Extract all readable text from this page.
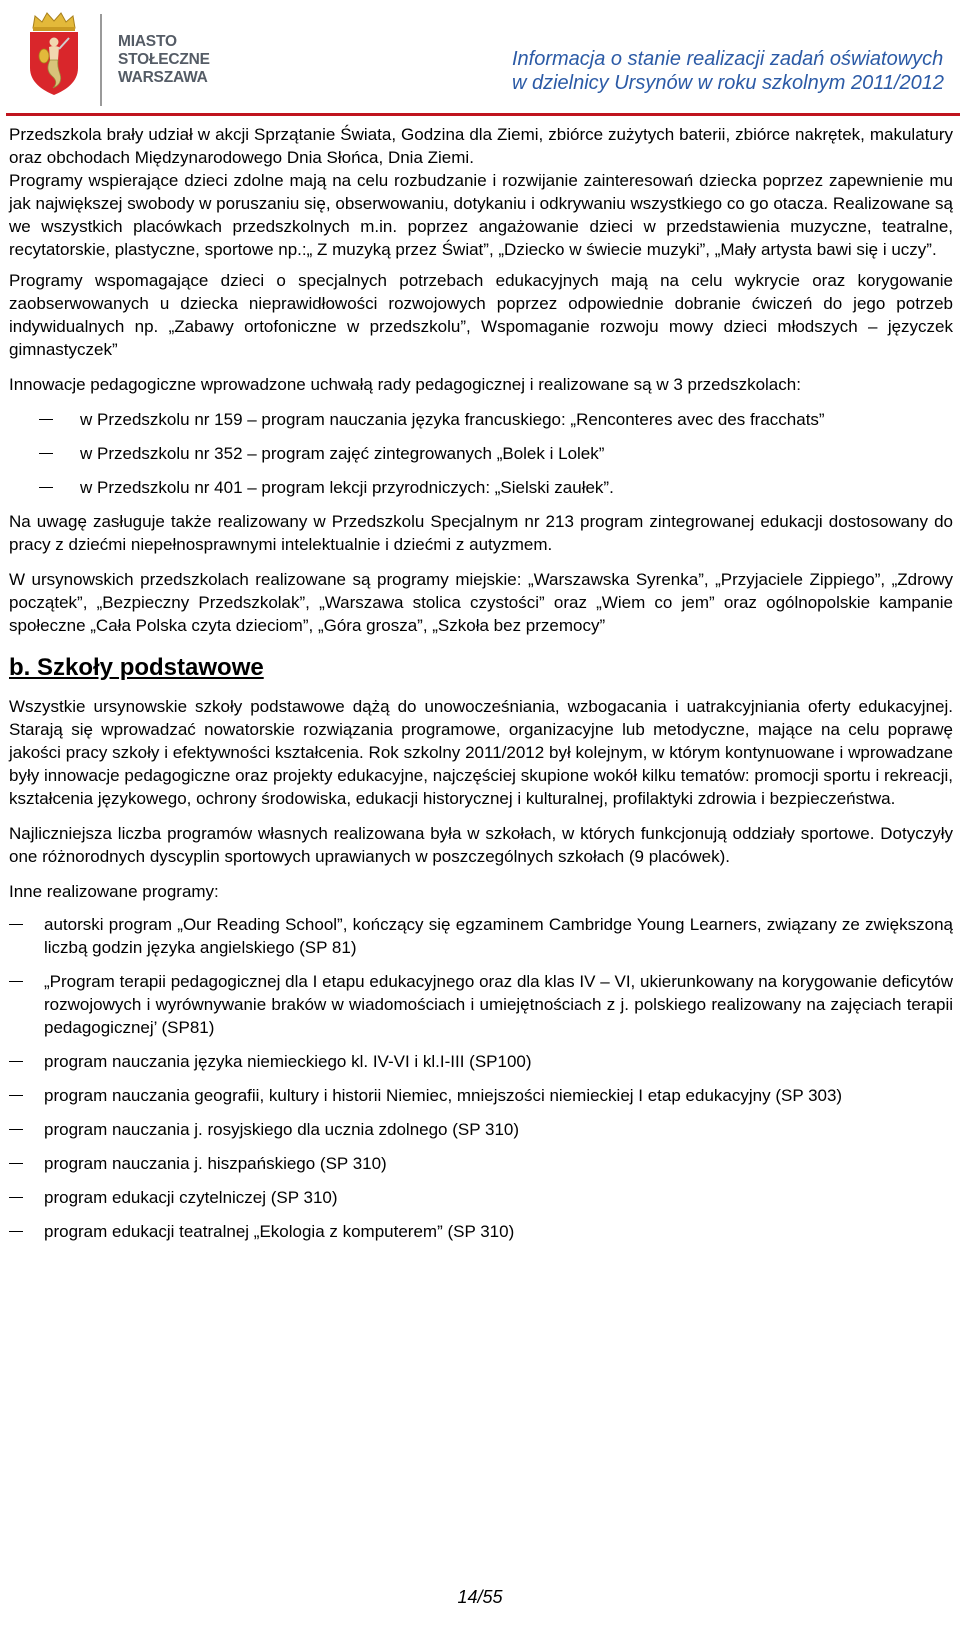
MIASTO
STOŁECZNE
WARSZAWA
Informacja o stanie realizacji zadań oświatowych
w dzielnicy Ursynów w roku szkolnym 2011/2012

Przedszkola brały udział w akcji Sprzątanie Świata, Godzina dla Ziemi, zbiórce zużytych baterii, zbiórce nakrętek, makulatury oraz obchodach Międzynarodowego Dnia Słońca, Dnia Ziemi.

Programy wspierające dzieci zdolne mają na celu rozbudzanie i rozwijanie zainteresowań dziecka poprzez zapewnienie mu jak największej swobody w poruszaniu się, obserwowaniu, dotykaniu i odkrywaniu wszystkiego co go otacza. Realizowane są we wszystkich placówkach przedszkolnych m.in. poprzez angażowanie dzieci w przedstawienia muzyczne, teatralne, recytatorskie, plastyczne, sportowe np.:„ Z muzyką przez Świat”, „Dziecko w świecie muzyki”, „Mały artysta bawi się i uczy”.

Programy wspomagające dzieci o specjalnych potrzebach edukacyjnych mają na celu wykrycie oraz korygowanie zaobserwowanych u dziecka nieprawidłowości rozwojowych poprzez odpowiednie dobranie ćwiczeń do jego potrzeb indywidualnych np. „Zabawy ortofoniczne w przedszkolu”, Wspomaganie rozwoju mowy dzieci młodszych – języczek gimnastyczek”

Innowacje pedagogiczne wprowadzone uchwałą rady pedagogicznej i realizowane są w 3 przedszkolach:

w Przedszkolu nr 159 – program nauczania języka francuskiego: „Renconteres avec des fracchats”
w Przedszkolu nr 352 – program zajęć zintegrowanych „Bolek i Lolek”
w Przedszkolu nr 401 – program lekcji przyrodniczych: „Sielski zaułek”.

Na uwagę zasługuje także realizowany w Przedszkolu Specjalnym nr 213 program zintegrowanej edukacji dostosowany do pracy z dziećmi niepełnosprawnymi intelektualnie i dziećmi z autyzmem.

W ursynowskich przedszkolach realizowane są programy miejskie: „Warszawska Syrenka”, „Przyjaciele Zippiego”, „Zdrowy początek”, „Bezpieczny Przedszkolak”, „Warszawa stolica czystości” oraz „Wiem co jem” oraz ogólnopolskie kampanie społeczne „Cała Polska czyta dzieciom”, „Góra grosza”, „Szkoła bez przemocy”

b. Szkoły podstawowe

Wszystkie ursynowskie szkoły podstawowe dążą do unowocześniania, wzbogacania i uatrakcyjniania oferty edukacyjnej. Starają się wprowadzać nowatorskie rozwiązania programowe, organizacyjne lub metodyczne, mające na celu poprawę jakości pracy szkoły i efektywności kształcenia. Rok szkolny 2011/2012 był kolejnym, w którym kontynuowane i wprowadzane były innowacje pedagogiczne oraz projekty edukacyjne, najczęściej skupione wokół kilku tematów: promocji sportu i rekreacji, kształcenia językowego, ochrony środowiska, edukacji historycznej i kulturalnej, profilaktyki zdrowia i bezpieczeństwa.

Najliczniejsza liczba programów własnych realizowana była w szkołach, w których funkcjonują oddziały sportowe. Dotyczyły one różnorodnych dyscyplin sportowych uprawianych w poszczególnych szkołach (9 placówek).

Inne realizowane programy:

autorski program „Our Reading School”, kończący się egzaminem Cambridge Young Learners, związany ze zwiększoną liczbą godzin języka angielskiego (SP 81)
„Program terapii pedagogicznej dla I etapu edukacyjnego oraz dla klas IV – VI, ukierunkowany na korygowanie deficytów rozwojowych i wyrównywanie braków w wiadomościach i umiejętnościach z j. polskiego realizowany na zajęciach terapii pedagogicznej’ (SP81)
program nauczania języka niemieckiego kl. IV-VI i kl.I-III (SP100)
program nauczania geografii, kultury i historii Niemiec, mniejszości niemieckiej I etap edukacyjny (SP 303)
program nauczania j. rosyjskiego dla ucznia zdolnego (SP 310)
program nauczania j. hiszpańskiego (SP 310)
program edukacji czytelniczej (SP 310)
program edukacji teatralnej „Ekologia z komputerem” (SP 310)
14/55
